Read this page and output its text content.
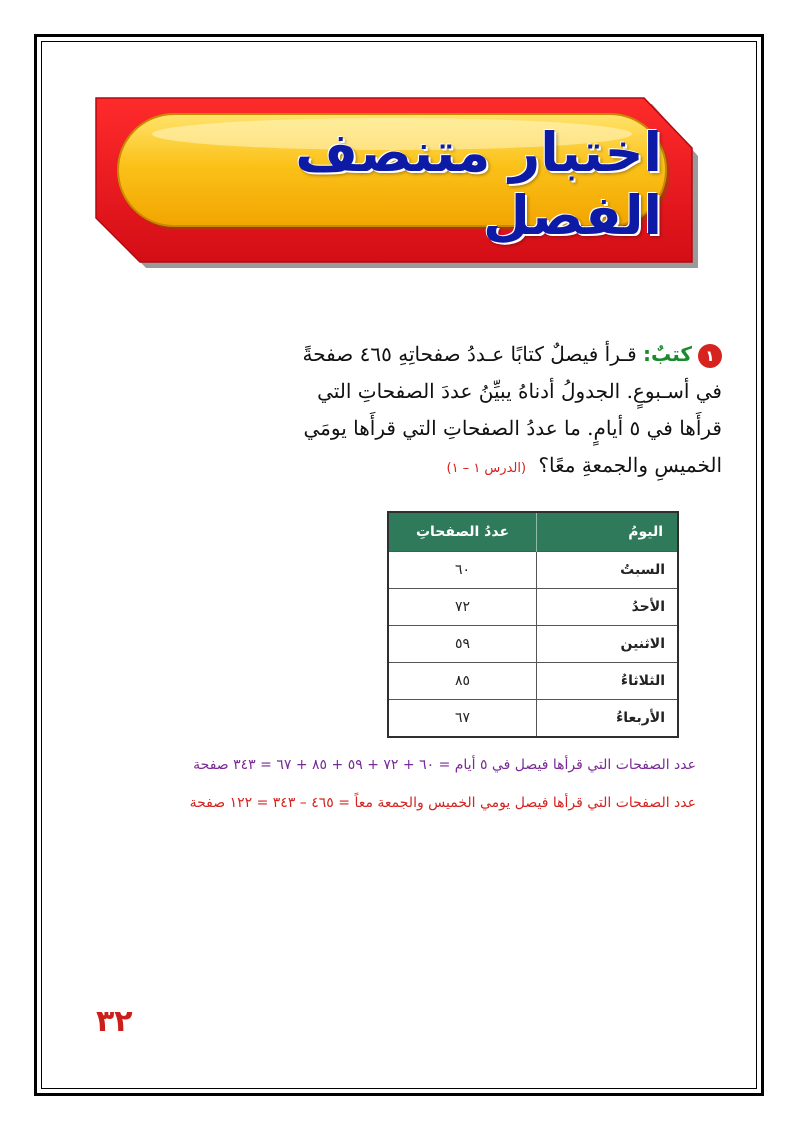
اختبار متنصف الفصل
١كتبٌ: قـرأ فيصلٌ كتابًا عـددُ صفحاتِهِ ٤٦٥ صفحةً
في أسـبوعٍ. الجدولُ أدناهُ يبيِّنُ عددَ الصفحاتِ التي
قرأَها في ٥ أيامٍ. ما عددُ الصفحاتِ التي قرأَها يومَي
الخميسِ والجمعةِ معًا؟ (الدرس ١ – ١)
اليومُ	عددُ الصفحاتِ
السبتُ	٦٠
الأحدُ	٧٢
الاثنين	٥٩
الثلاثاءُ	٨٥
الأربعاءُ	٦٧
عدد الصفحات التي قرأها فيصل في ٥ أيام = ٦٠ + ٧٢ + ٥٩ + ٨٥ + ٦٧ = ٣٤٣ صفحة
عدد الصفحات التي قرأها فيصل يومي الخميس والجمعة معاً = ٤٦٥ – ٣٤٣ = ١٢٢ صفحة
٣٢
